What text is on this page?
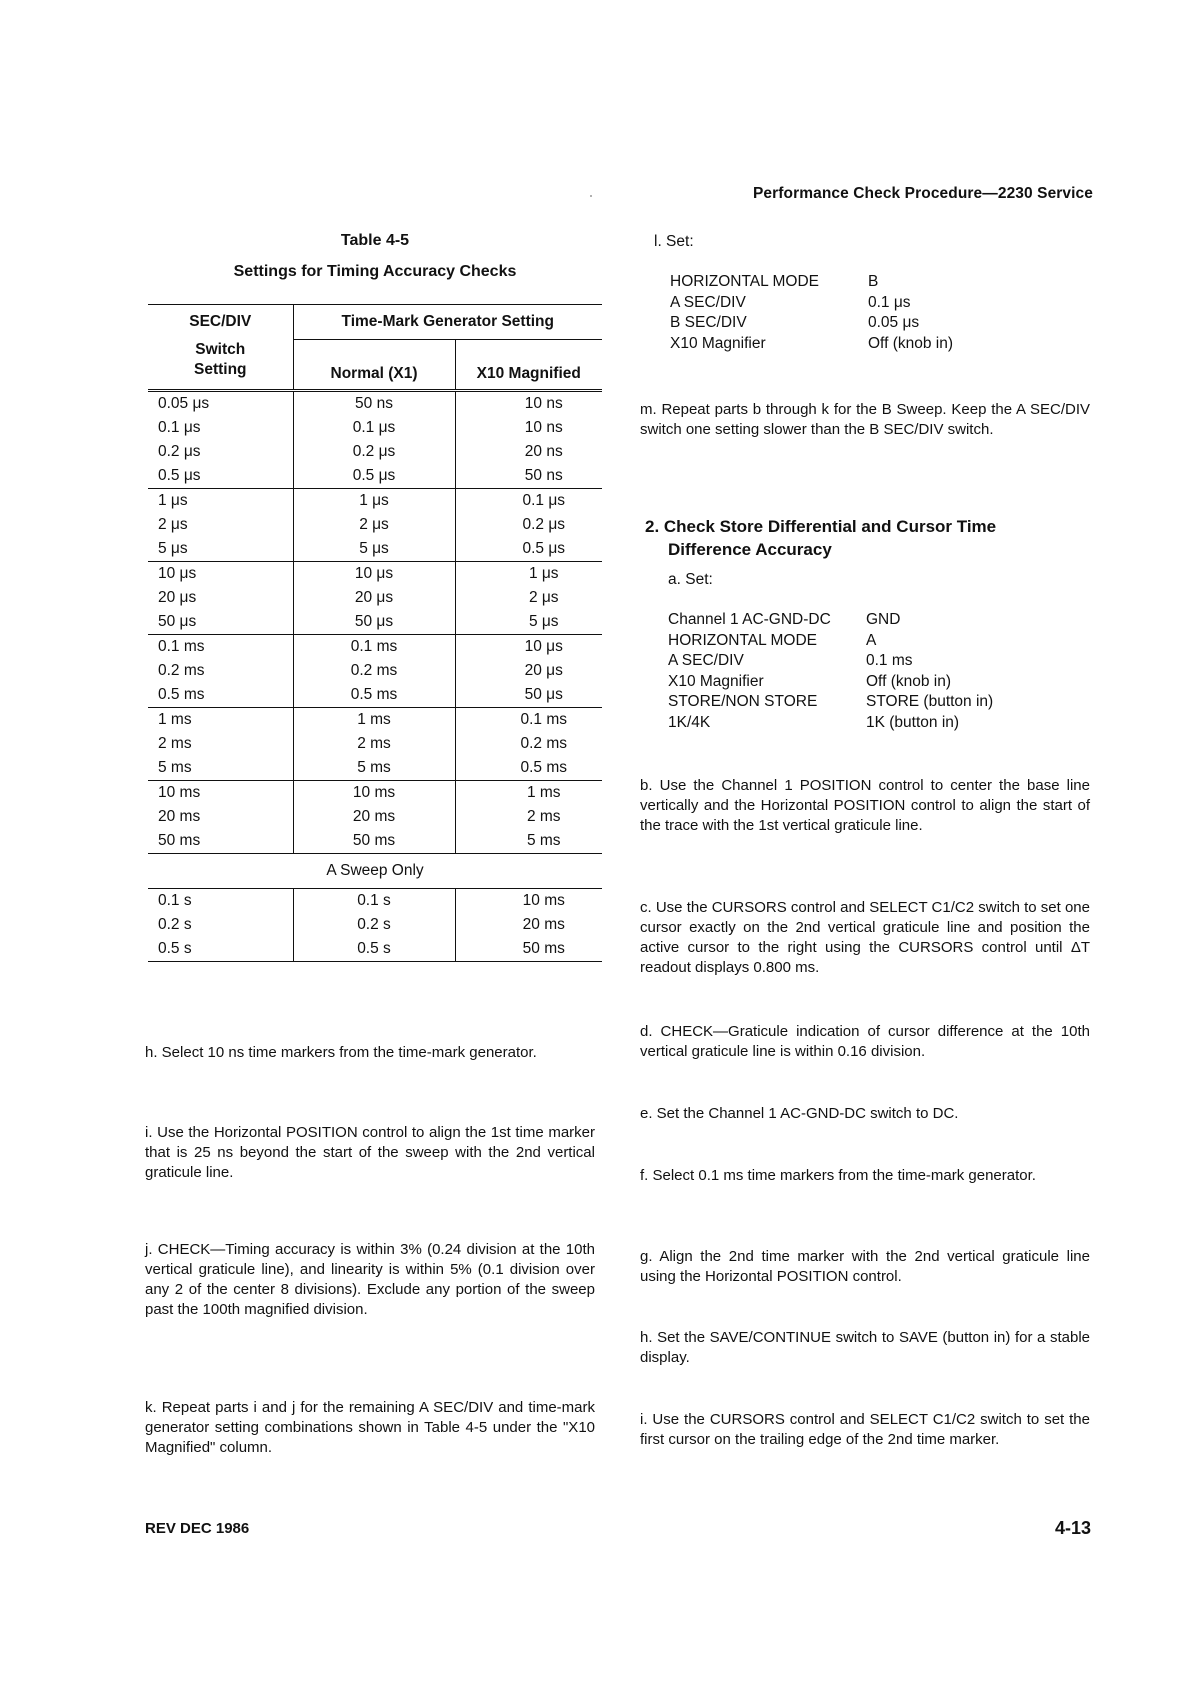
Performance Check Procedure—2230 Service
Table 4-5
Settings for Timing Accuracy Checks
SEC/DIV	Time-Mark Generator Setting	
Switch	Normal (X1)	X10 Magnified
Setting		

0.05 μs	50 ns	10 ns
0.1 μs	0.1 μs	10 ns
0.2 μs	0.2 μs	20 ns
0.5 μs	0.5 μs	50 ns

1 μs	1 μs	0.1 μs
2 μs	2 μs	0.2 μs
5 μs	5 μs	0.5 μs

10 μs	10 μs	1 μs
20 μs	20 μs	2 μs
50 μs	50 μs	5 μs

0.1 ms	0.1 ms	10 μs
0.2 ms	0.2 ms	20 μs
0.5 ms	0.5 ms	50 μs

1 ms	1 ms	0.1 ms
2 ms	2 ms	0.2 ms
5 ms	5 ms	0.5 ms

10 ms	10 ms	1 ms
20 ms	20 ms	2 ms
50 ms	50 ms	5 ms
A Sweep Only		
0.1 s	0.1 s	10 ms
0.2 s	0.2 s	20 ms
0.5 s	0.5 s	50 ms

h. Select 10 ns time markers from the time-mark generator.
i. Use the Horizontal POSITION control to align the 1st time marker that is 25 ns beyond the start of the sweep with the 2nd vertical graticule line.
j. CHECK—Timing accuracy is within 3% (0.24 division at the 10th vertical graticule line), and linearity is within 5% (0.1 division over any 2 of the center 8 divisions). Exclude any portion of the sweep past the 100th magnified division.
k. Repeat parts i and j for the remaining A SEC/DIV and time-mark generator setting combinations shown in Table 4-5 under the "X10 Magnified" column.
l. Set:
HORIZONTAL MODE	B
A SEC/DIV	0.1 μs
B SEC/DIV	0.05 μs
X10 Magnifier	Off (knob in)
m. Repeat parts b through k for the B Sweep. Keep the A SEC/DIV switch one setting slower than the B SEC/DIV switch.
2. Check Store Differential and Cursor Time
Difference Accuracy
a. Set:
Channel 1 AC-GND-DC	GND
HORIZONTAL MODE	A
A SEC/DIV	0.1 ms
X10 Magnifier	Off (knob in)
STORE/NON STORE	STORE (button in)
1K/4K	1K (button in)
b. Use the Channel 1 POSITION control to center the base line vertically and the Horizontal POSITION control to align the start of the trace with the 1st vertical graticule line.
c. Use the CURSORS control and SELECT C1/C2 switch to set one cursor exactly on the 2nd vertical graticule line and position the active cursor to the right using the CURSORS control until ΔT readout displays 0.800 ms.
d. CHECK—Graticule indication of cursor difference at the 10th vertical graticule line is within 0.16 division.
e. Set the Channel 1 AC-GND-DC switch to DC.
f. Select 0.1 ms time markers from the time-mark generator.
g. Align the 2nd time marker with the 2nd vertical graticule line using the Horizontal POSITION control.
h. Set the SAVE/CONTINUE switch to SAVE (button in) for a stable display.
i. Use the CURSORS control and SELECT C1/C2 switch to set the first cursor on the trailing edge of the 2nd time marker.
REV DEC 1986	4-13
